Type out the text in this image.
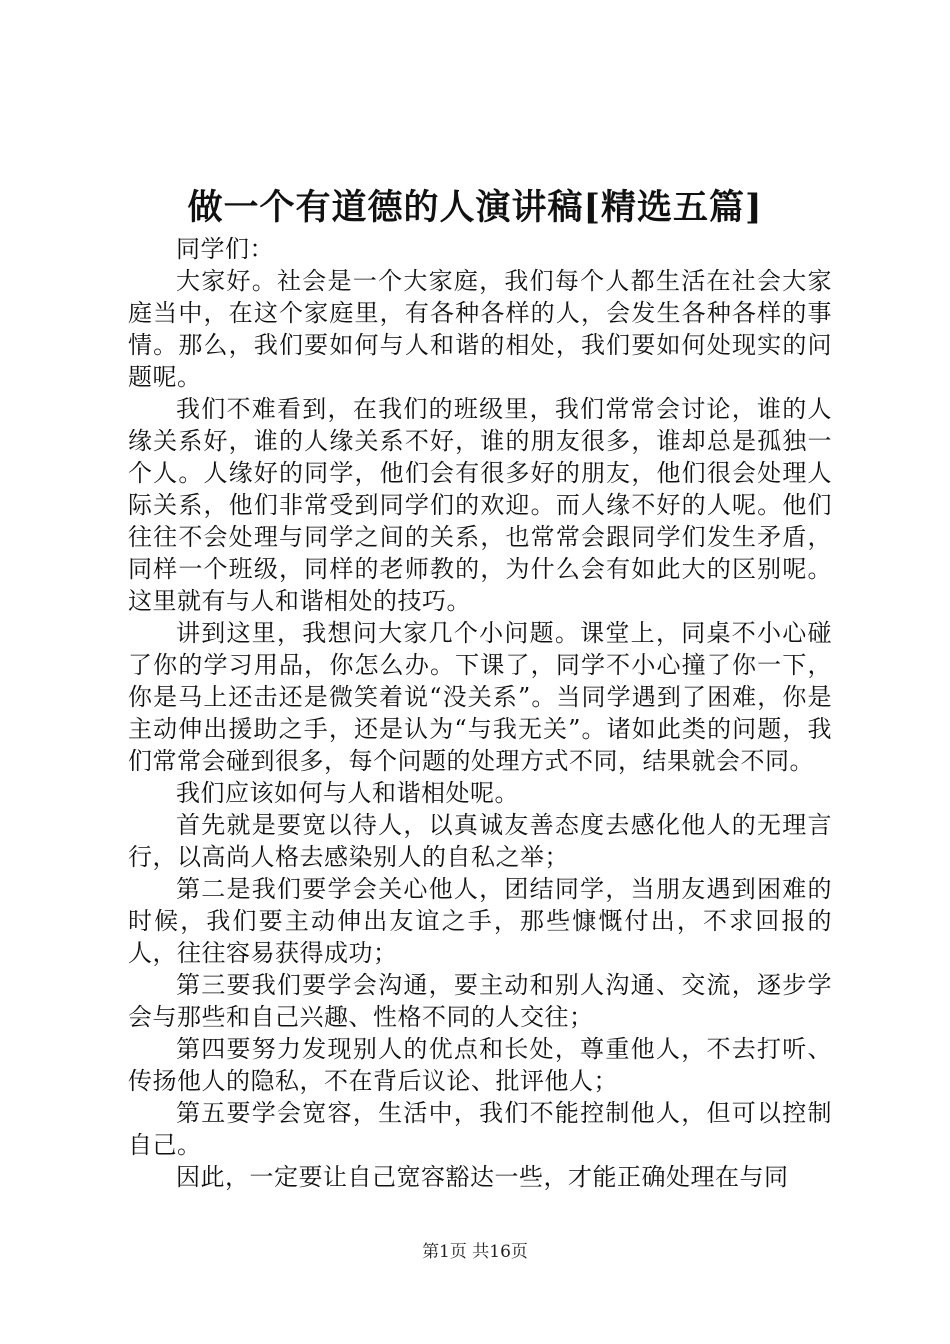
做一个有道德的人演讲稿[精选五篇]

同学们：

大家好。社会是一个大家庭，我们每个人都生活在社会大家庭当中，在这个家庭里，有各种各样的人，会发生各种各样的事情。那么，我们要如何与人和谐的相处，我们要如何处现实的问题呢。

我们不难看到，在我们的班级里，我们常常会讨论，谁的人缘关系好，谁的人缘关系不好，谁的朋友很多，谁却总是孤独一个人。人缘好的同学，他们会有很多好的朋友，他们很会处理人际关系，他们非常受到同学们的欢迎。而人缘不好的人呢。他们往往不会处理与同学之间的关系，也常常会跟同学们发生矛盾，同样一个班级，同样的老师教的，为什么会有如此大的区别呢。这里就有与人和谐相处的技巧。

讲到这里，我想问大家几个小问题。课堂上，同桌不小心碰了你的学习用品，你怎么办。下课了，同学不小心撞了你一下，你是马上还击还是微笑着说“没关系”。当同学遇到了困难，你是主动伸出援助之手，还是认为“与我无关”。诸如此类的问题，我们常常会碰到很多，每个问题的处理方式不同，结果就会不同。

我们应该如何与人和谐相处呢。

首先就是要宽以待人，以真诚友善态度去感化他人的无理言行，以高尚人格去感染别人的自私之举；

第二是我们要学会关心他人，团结同学，当朋友遇到困难的时候，我们要主动伸出友谊之手，那些慷慨付出，不求回报的人，往往容易获得成功；

第三要我们要学会沟通，要主动和别人沟通、交流，逐步学会与那些和自己兴趣、性格不同的人交往；

第四要努力发现别人的优点和长处，尊重他人，不去打听、传扬他人的隐私，不在背后议论、批评他人；

第五要学会宽容，生活中，我们不能控制他人，但可以控制自己。

因此，一定要让自己宽容豁达一些，才能正确处理在与同

第1页 共16页
